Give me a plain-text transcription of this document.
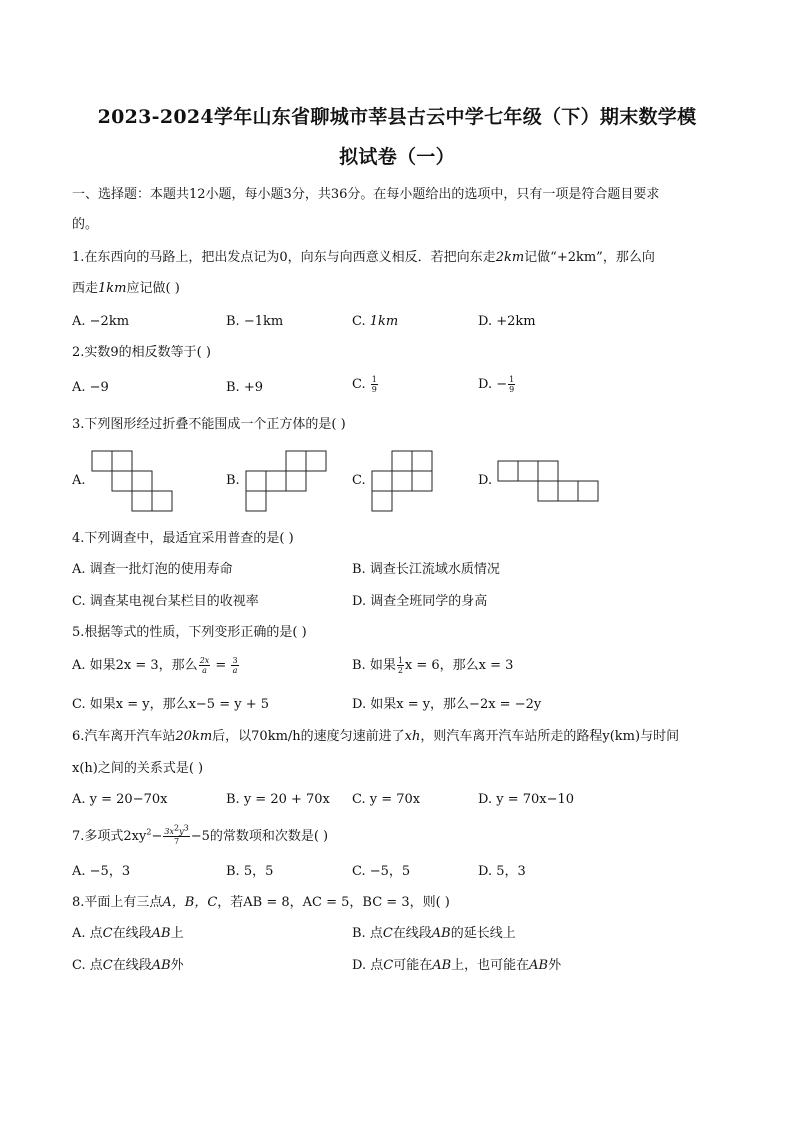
2023-2024学年山东省聊城市莘县古云中学七年级（下）期末数学模
拟试卷（一）
一、选择题：本题共12小题，每小题3分，共36分。在每小题给出的选项中，只有一项是符合题目要求
的。
1.在东西向的马路上，把出发点记为0，向东与向西意义相反．若把向东走2km记做“+2km”，那么向
西走1km应记做( )
A. −2km	B. −1km	C. 1km	D. +2km
2.实数9的相反数等于( )
A. −9	B. +9	C. $\frac{1}{9}$	D. − $\frac{1}{9}$
3.下列图形经过折叠不能围成一个正方体的是( )
A.	B.	C.	D.
4.下列调查中，最适宜采用普查的是( )
A. 调查一批灯泡的使用寿命	B. 调查长江流域水质情况
C. 调查某电视台某栏目的收视率	D. 调查全班同学的身高
5.根据等式的性质，下列变形正确的是( )
A. 如果2x = 3，那么 $\frac{2x}{a} = \frac{3}{a}$	B. 如果 $\frac{1}{2}$ x = 6，那么x = 3
C. 如果x = y，那么x−5 = y + 5	D. 如果x = y，那么−2x = −2y
6.汽车离开汽车站20km后，以70km/h的速度匀速前进了xh，则汽车离开汽车站所走的路程y(km)与时间
x(h)之间的关系式是( )
A. y = 20−70x	B. y = 20 + 70x C. y = 70x	D. y = 70x−10
7.多项式$2xy^2- \frac{3x^2y^3}{7} -5$的常数项和次数是( )
A. −5，3	B. 5，5	C. −5，5	D. 5，3
8.平面上有三点A，B，C，若AB = 8，AC = 5，BC = 3，则( )
A. 点C在线段AB上	B. 点C在线段AB的延长线上
C. 点C在线段AB外	D. 点C可能在AB上，也可能在AB外
